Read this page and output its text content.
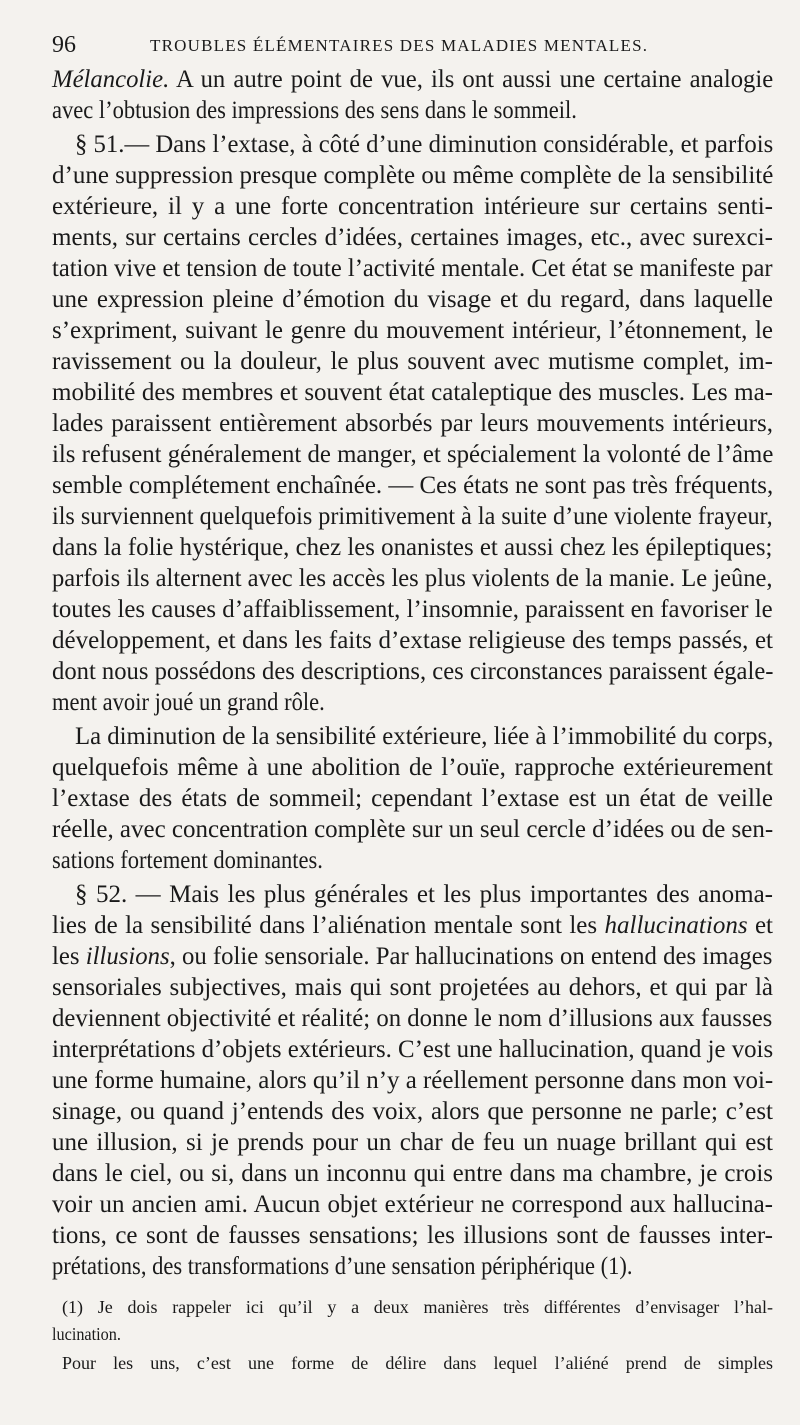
96	TROUBLES ÉLÉMENTAIRES DES MALADIES MENTALES.
Mélancolie. A un autre point de vue, ils ont aussi une certaine analogie
avec l’obtusion des impressions des sens dans le sommeil.
§ 51.— Dans l’extase, à côté d’une diminution considérable, et parfois
d’une suppression presque complète ou même complète de la sensibilité
extérieure, il y a une forte concentration intérieure sur certains senti-
ments, sur certains cercles d’idées, certaines images, etc., avec surexci-
tation vive et tension de toute l’activité mentale. Cet état se manifeste par
une expression pleine d’émotion du visage et du regard, dans laquelle
s’expriment, suivant le genre du mouvement intérieur, l’étonnement, le
ravissement ou la douleur, le plus souvent avec mutisme complet, im-
mobilité des membres et souvent état cataleptique des muscles. Les ma-
lades paraissent entièrement absorbés par leurs mouvements intérieurs,
ils refusent généralement de manger, et spécialement la volonté de l’âme
semble complétement enchaînée. — Ces états ne sont pas très fréquents,
ils surviennent quelquefois primitivement à la suite d’une violente frayeur,
dans la folie hystérique, chez les onanistes et aussi chez les épileptiques;
parfois ils alternent avec les accès les plus violents de la manie. Le jeûne,
toutes les causes d’affaiblissement, l’insomnie, paraissent en favoriser le
développement, et dans les faits d’extase religieuse des temps passés, et
dont nous possédons des descriptions, ces circonstances paraissent égale-
ment avoir joué un grand rôle.
La diminution de la sensibilité extérieure, liée à l’immobilité du corps,
quelquefois même à une abolition de l’ouïe, rapproche extérieurement
l’extase des états de sommeil; cependant l’extase est un état de veille
réelle, avec concentration complète sur un seul cercle d’idées ou de sen-
sations fortement dominantes.
§ 52. — Mais les plus générales et les plus importantes des anoma-
lies de la sensibilité dans l’aliénation mentale sont les hallucinations et
les illusions, ou folie sensoriale. Par hallucinations on entend des images
sensoriales subjectives, mais qui sont projetées au dehors, et qui par là
deviennent objectivité et réalité; on donne le nom d’illusions aux fausses
interprétations d’objets extérieurs. C’est une hallucination, quand je vois
une forme humaine, alors qu’il n’y a réellement personne dans mon voi-
sinage, ou quand j’entends des voix, alors que personne ne parle; c’est
une illusion, si je prends pour un char de feu un nuage brillant qui est
dans le ciel, ou si, dans un inconnu qui entre dans ma chambre, je crois
voir un ancien ami. Aucun objet extérieur ne correspond aux hallucina-
tions, ce sont de fausses sensations; les illusions sont de fausses inter-
prétations, des transformations d’une sensation périphérique (1).
(1) Je dois rappeler ici qu’il y a deux manières très différentes d’envisager l’hal-
lucination.
Pour les uns, c’est une forme de délire dans lequel l’aliéné prend de simples
